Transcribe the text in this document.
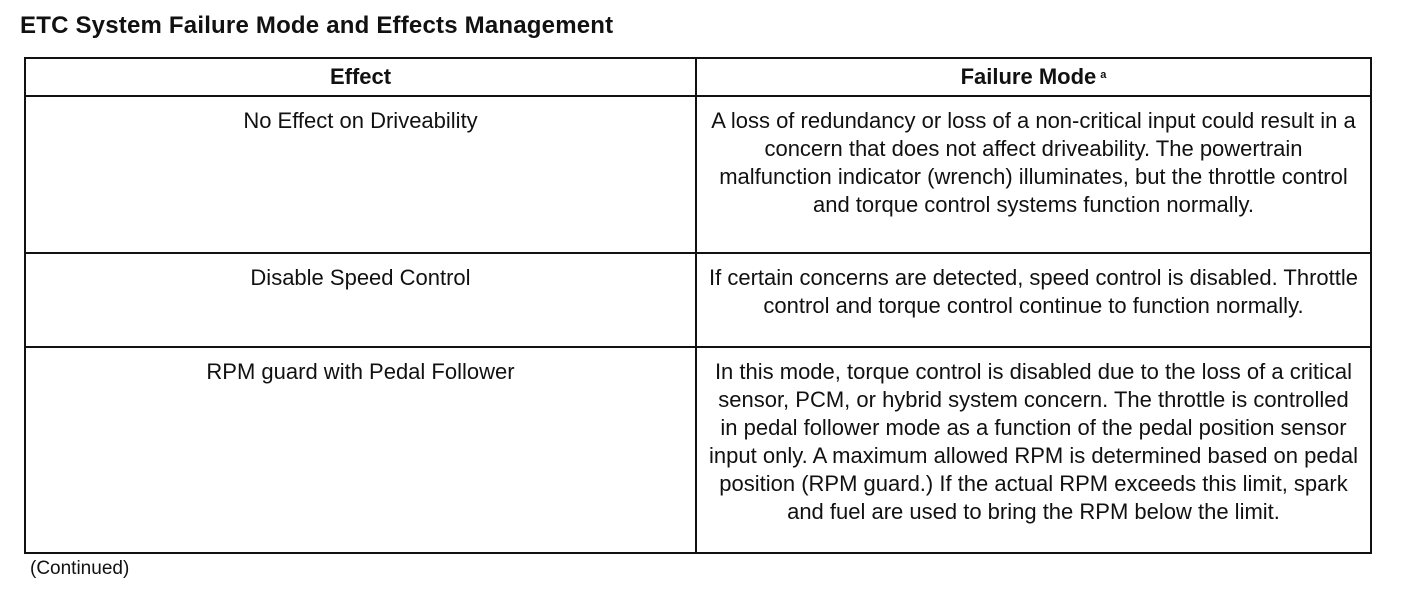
ETC System Failure Mode and Effects Management
Effect	Failure Mode $^a$
No Effect on Driveability	A loss of redundancy or loss of a non-critical input could result in a concern that does not affect driveability. The powertrain malfunction indicator (wrench) illuminates, but the throttle control and torque control systems function normally.
Disable Speed Control	If certain concerns are detected, speed control is disabled. Throttle control and torque control continue to function normally.
RPM guard with Pedal Follower	In this mode, torque control is disabled due to the loss of a critical sensor, PCM, or hybrid system concern. The throttle is controlled in pedal follower mode as a function of the pedal position sensor input only. A maximum allowed RPM is determined based on pedal position (RPM guard.) If the actual RPM exceeds this limit, spark and fuel are used to bring the RPM below the limit.
(Continued)
